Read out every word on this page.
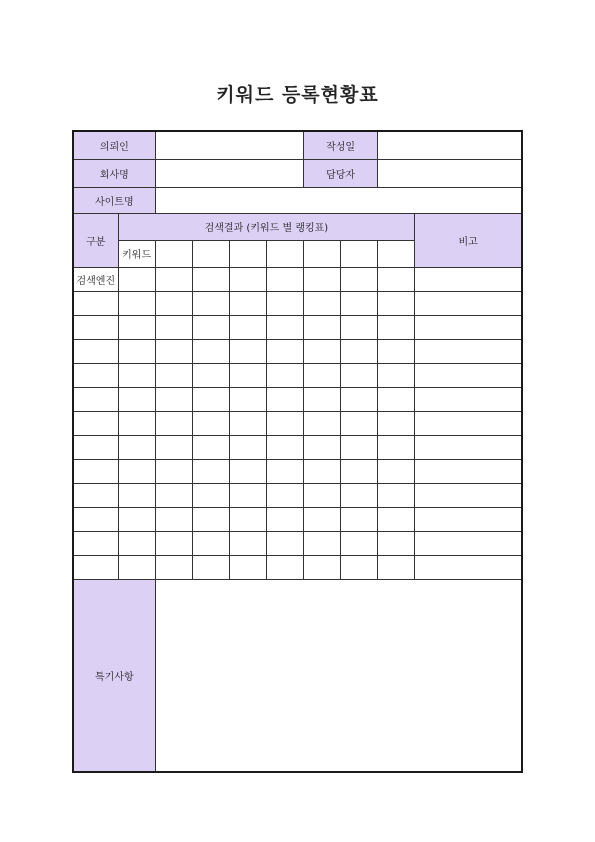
키워드 등록현황표
의뢰인						작성일			
회사명						담당자			
사이트명									
구분	검색결과 (키워드 별 랭킹표)								비고
	키워드								
검색엔진									

특기사항									
